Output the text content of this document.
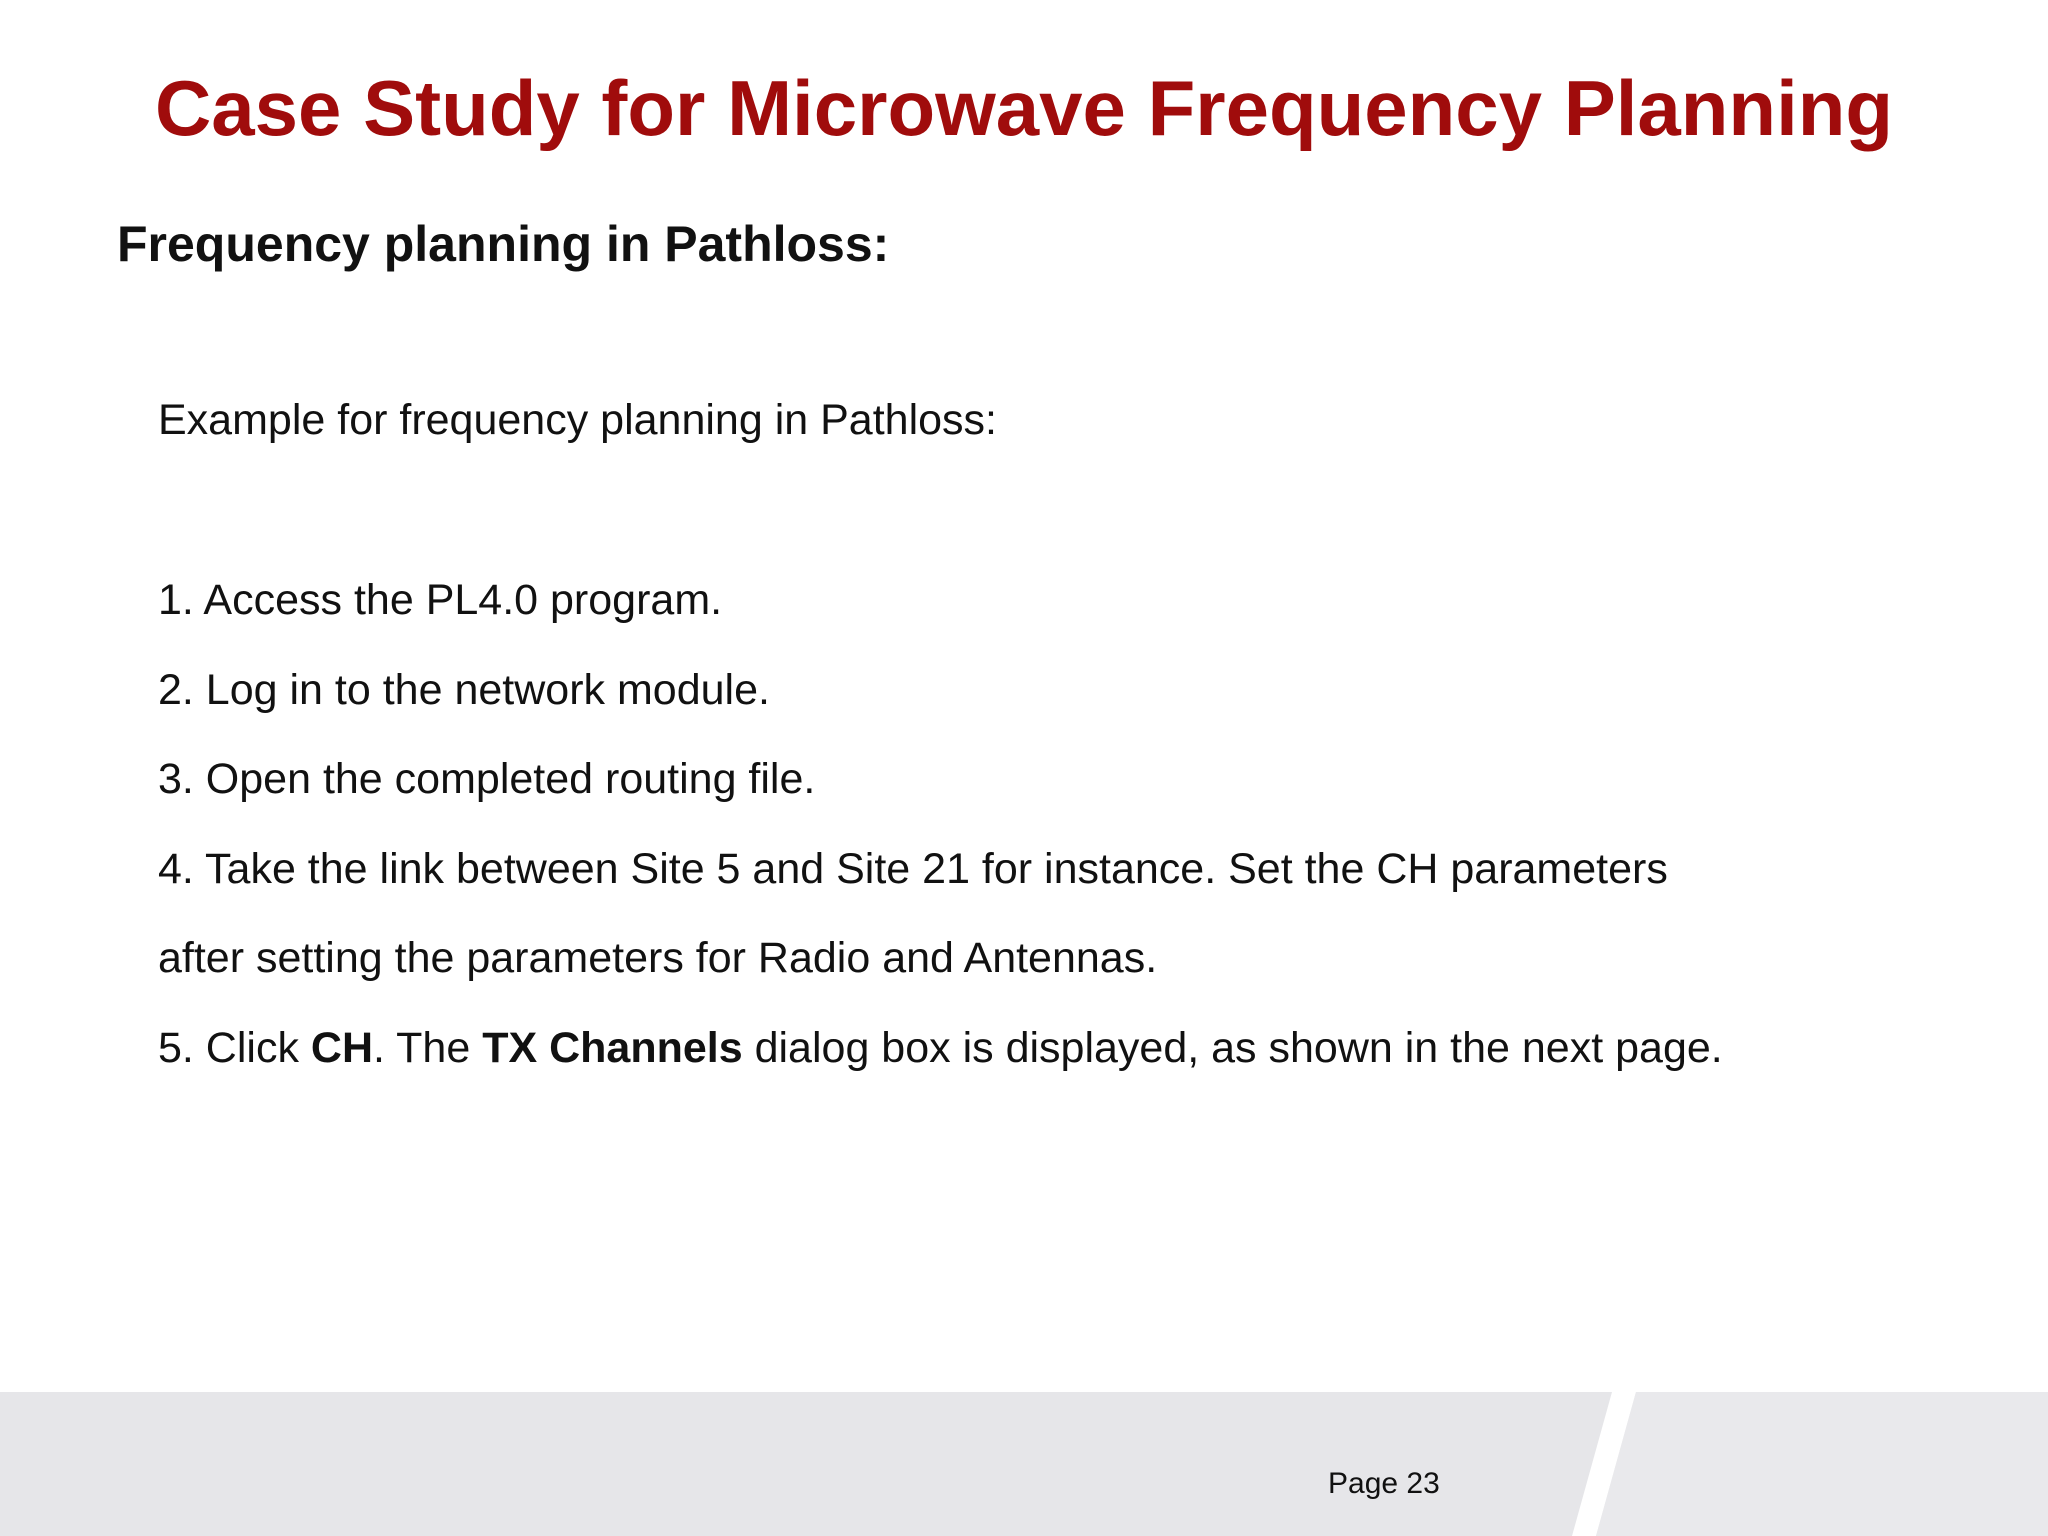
Case Study for Microwave Frequency Planning
Frequency planning in Pathloss:
Example for frequency planning in Pathloss:
1. Access the PL4.0 program.
2. Log in to the network module.
3. Open the completed routing file.
4. Take the link between Site 5 and Site 21 for instance. Set the CH parameters
after setting the parameters for Radio and Antennas.
5. Click CH. The TX Channels dialog box is displayed, as shown in the next page.
Page 23
